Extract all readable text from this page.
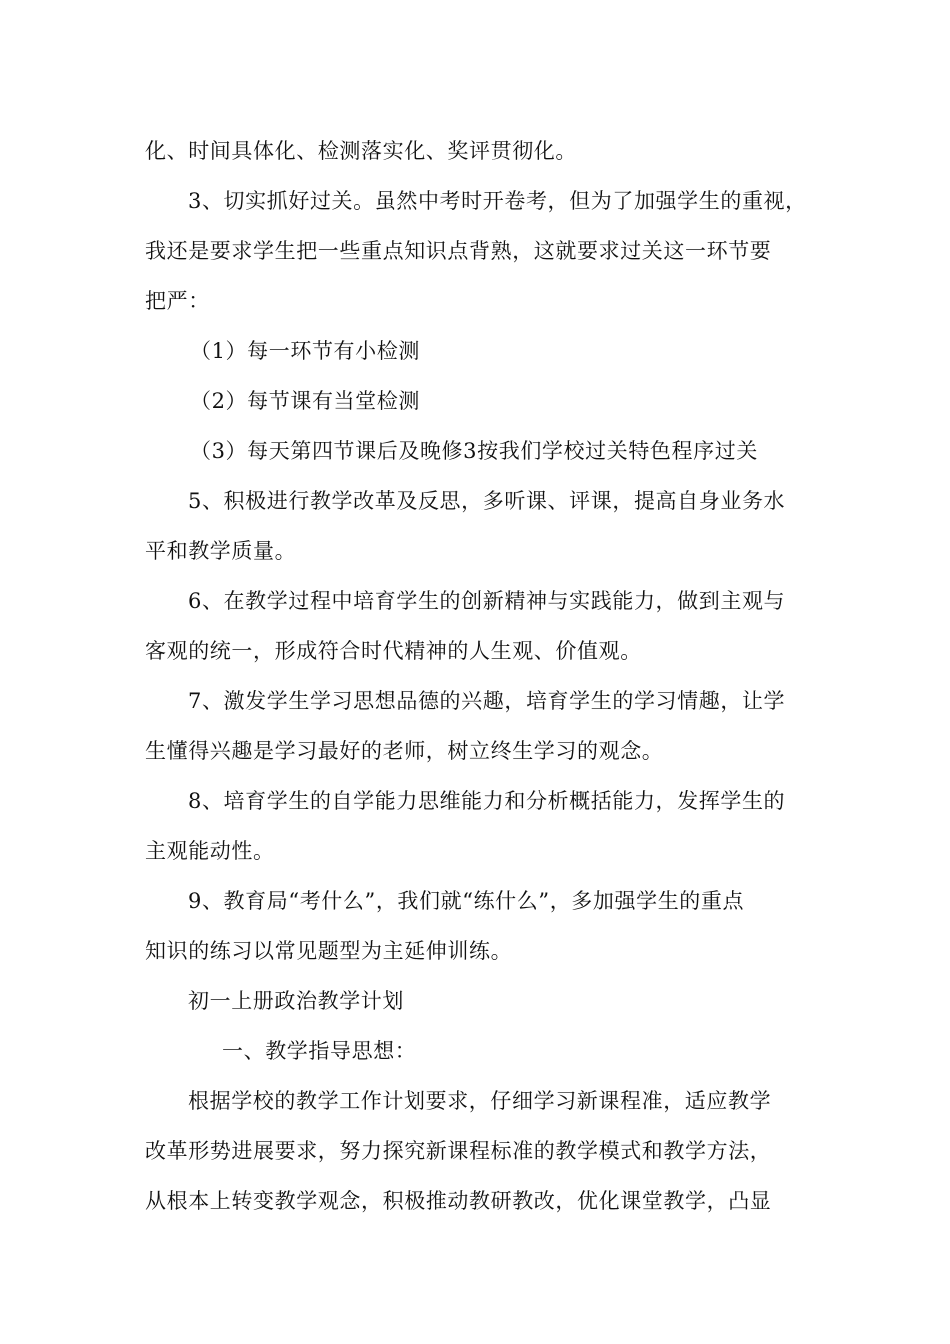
化、时间具体化、检测落实化、奖评贯彻化。
3、切实抓好过关。虽然中考时开卷考，但为了加强学生的重视，
我还是要求学生把一些重点知识点背熟，这就要求过关这一环节要
把严：
（1）每一环节有小检测
（2）每节课有当堂检测
（3）每天第四节课后及晚修3按我们学校过关特色程序过关
5、积极进行教学改革及反思，多听课、评课，提高自身业务水
平和教学质量。
6、在教学过程中培育学生的创新精神与实践能力，做到主观与
客观的统一，形成符合时代精神的人生观、价值观。
7、激发学生学习思想品德的兴趣，培育学生的学习情趣，让学
生懂得兴趣是学习最好的老师，树立终生学习的观念。
8、培育学生的自学能力思维能力和分析概括能力，发挥学生的
主观能动性。
9、教育局“考什么”，我们就“练什么”，多加强学生的重点
知识的练习以常见题型为主延伸训练。
初一上册政治教学计划
一、教学指导思想：
根据学校的教学工作计划要求，仔细学习新课程准，适应教学
改革形势进展要求，努力探究新课程标准的教学模式和教学方法，
从根本上转变教学观念，积极推动教研教改，优化课堂教学，凸显
